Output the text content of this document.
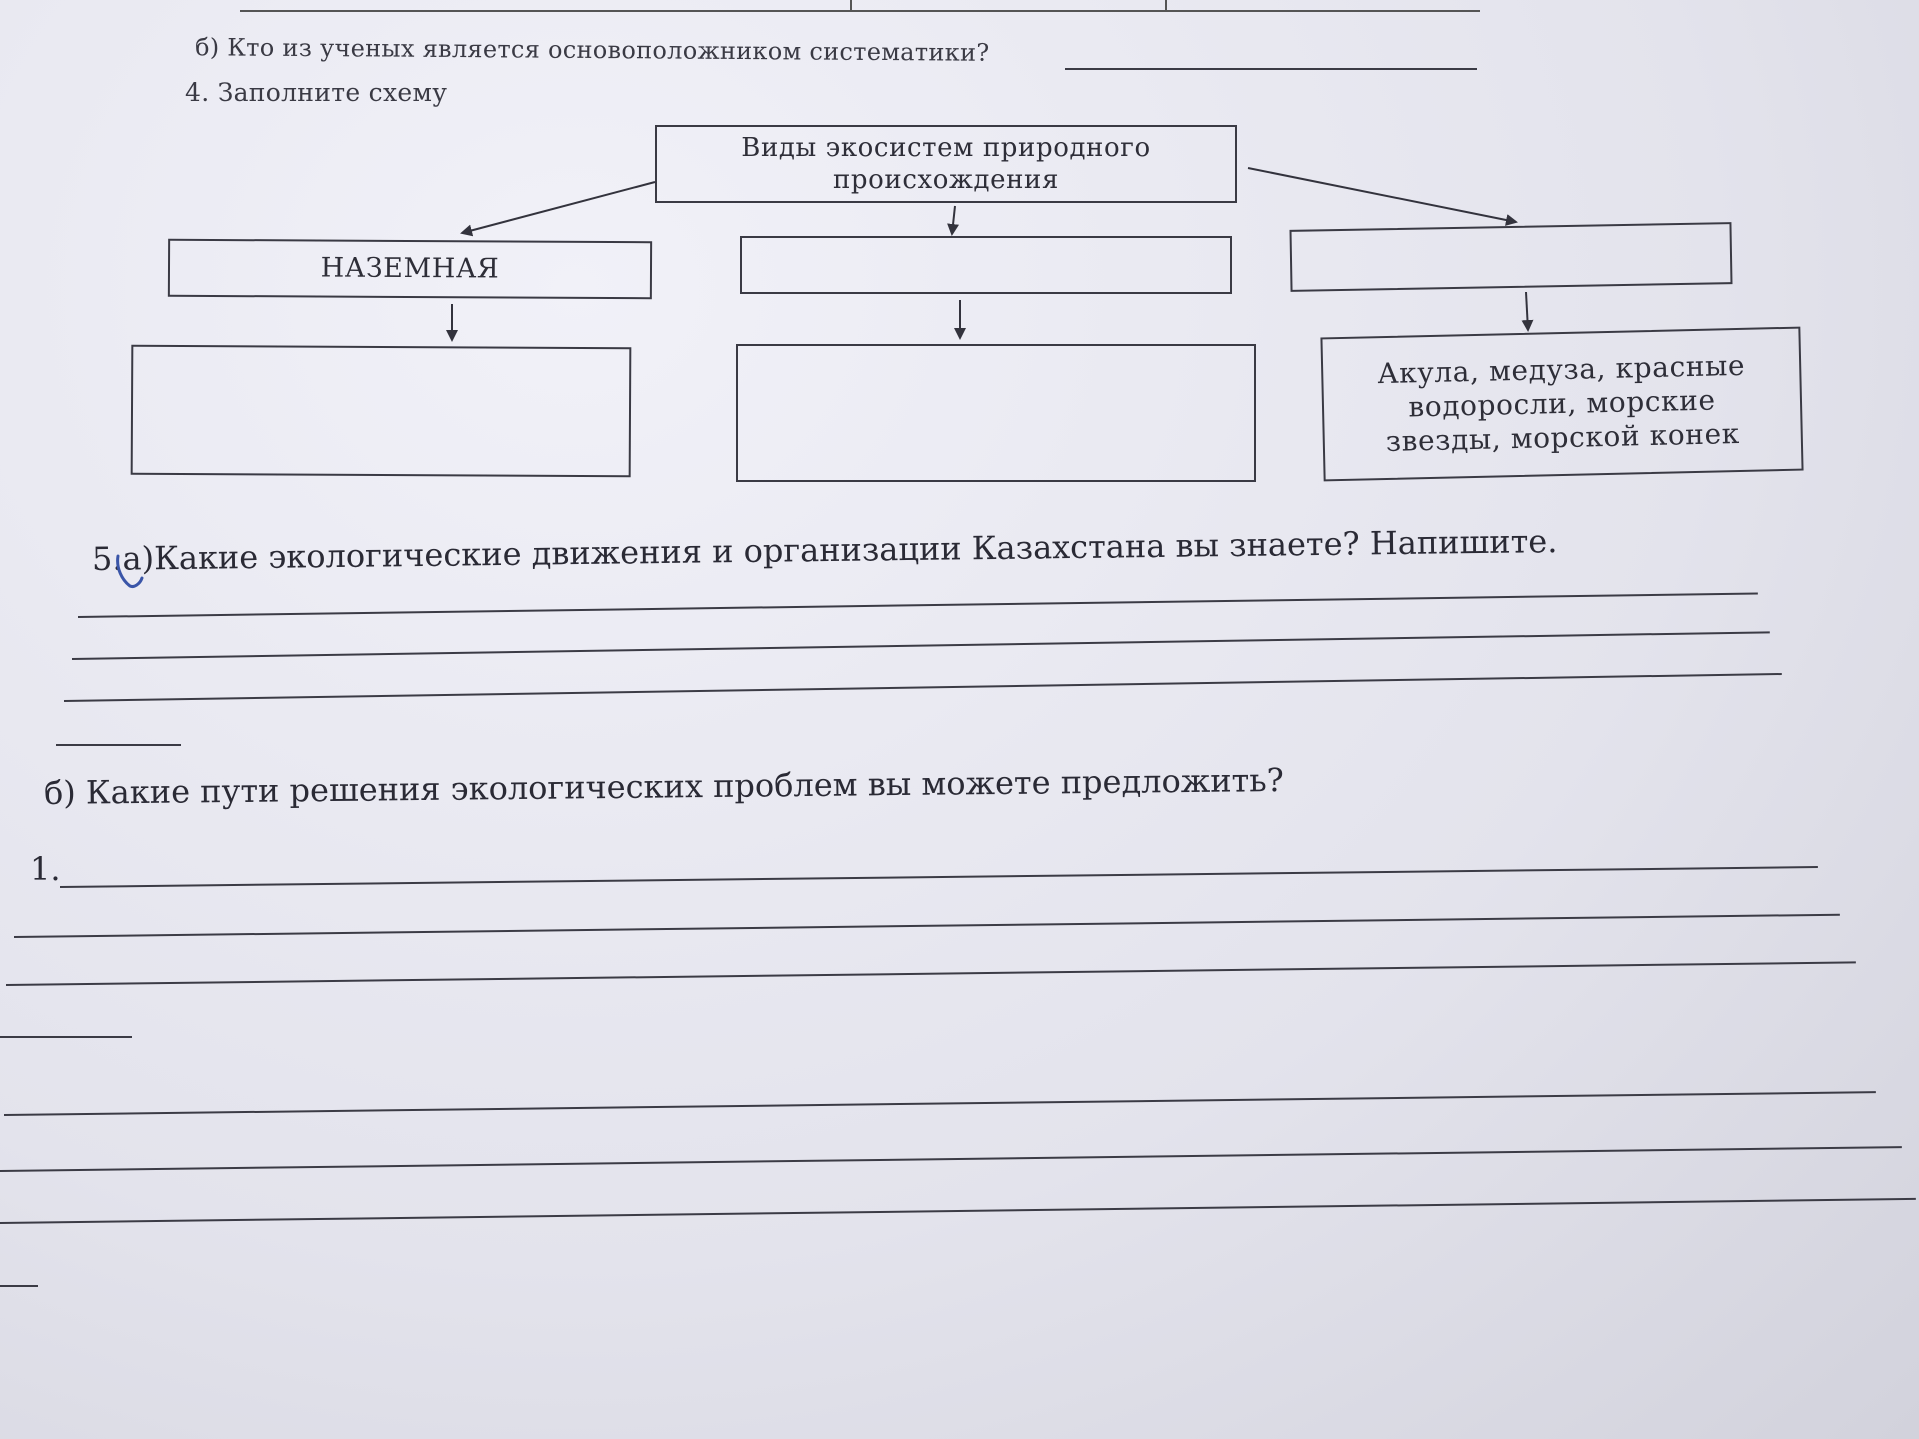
б) Кто из ученых является основоположником систематики?
4. Заполните схему
Виды экосистем природного происхождения
НАЗЕМНАЯ
Акула, медуза, красные водоросли, морские звезды, морской конек
5.а)Какие экологические движения и организации Казахстана вы знаете? Напишите.
б) Какие пути решения экологических проблем вы можете предложить?
1.
